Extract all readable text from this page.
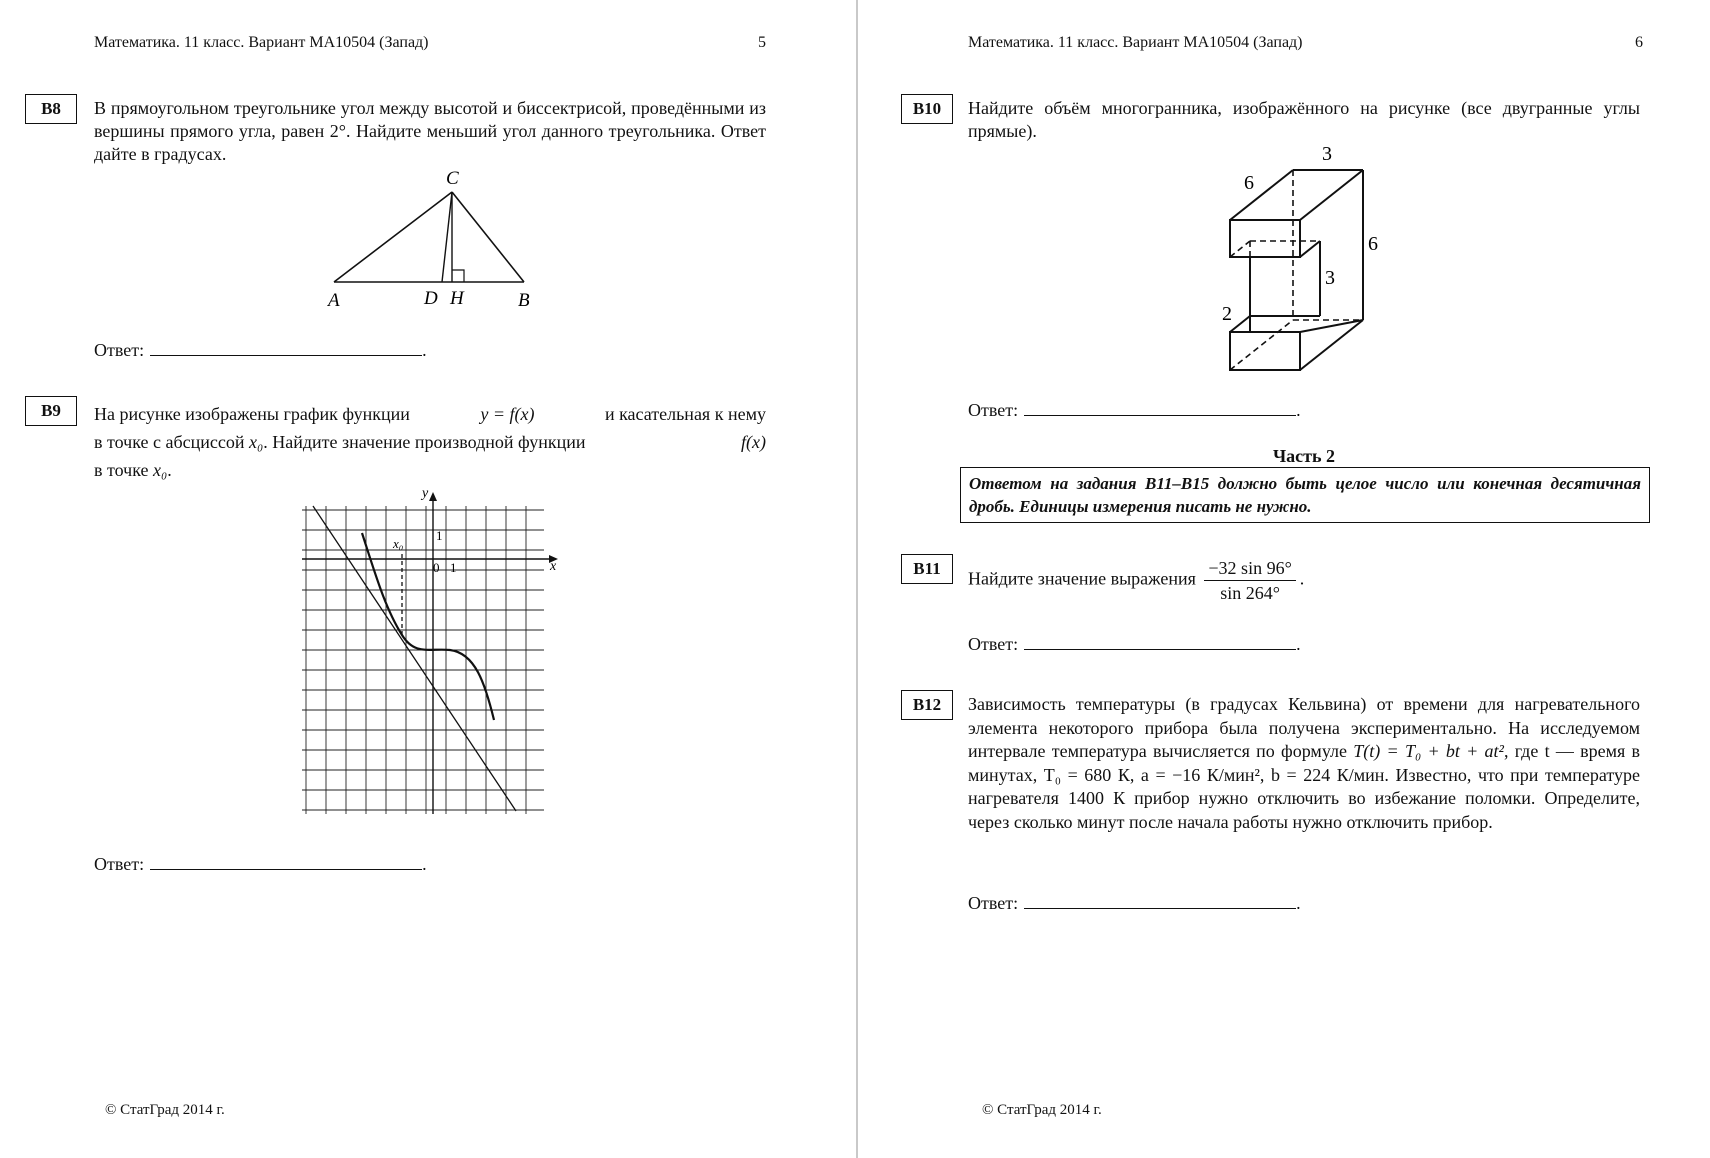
Математика. 11 класс. Вариант МА10504 (Запад)	5
B8	В прямоугольном треугольнике угол между высотой и биссектрисой, проведёнными из вершины прямого угла, равен 2°. Найдите меньший угол данного треугольника. Ответ дайте в градусах.
C
A	D H	B
Ответ:	.
B9	На рисунке изображены график функции	y = f(x)	и касательная к нему
в точке с абсциссой x₀. Найдите значение производной функции	f(x)
в точке x₀.
y
x
0 1
1
x₀
Ответ:	.
© СтатГрад 2014 г.
Математика. 11 класс. Вариант МА10504 (Запад)	6
B10	Найдите объём многогранника, изображённого на рисунке (все двугранные углы прямые).
3
6
6
3
2
Ответ:	.
Часть 2
Ответом на задания B11–B15 должно быть целое число или конечная десятичная дробь. Единицы измерения писать не нужно.
B11
Найдите значение выражения $\frac{-32 \sin 96^\circ}{\sin 264^\circ}$ .
Ответ:	.
B12	Зависимость температуры (в градусах Кельвина) от времени для нагревательного элемента некоторого прибора была получена экспериментально. На исследуемом интервале температура вычисляется по формуле T(t) = T₀ + bt + at², где t — время в минутах, T₀ = 680 К, a = −16 К/мин², b = 224 К/мин. Известно, что при температуре нагревателя 1400 К прибор нужно отключить во избежание поломки. Определите, через сколько минут после начала работы нужно отключить прибор.
Ответ:	.
© СтатГрад 2014 г.
